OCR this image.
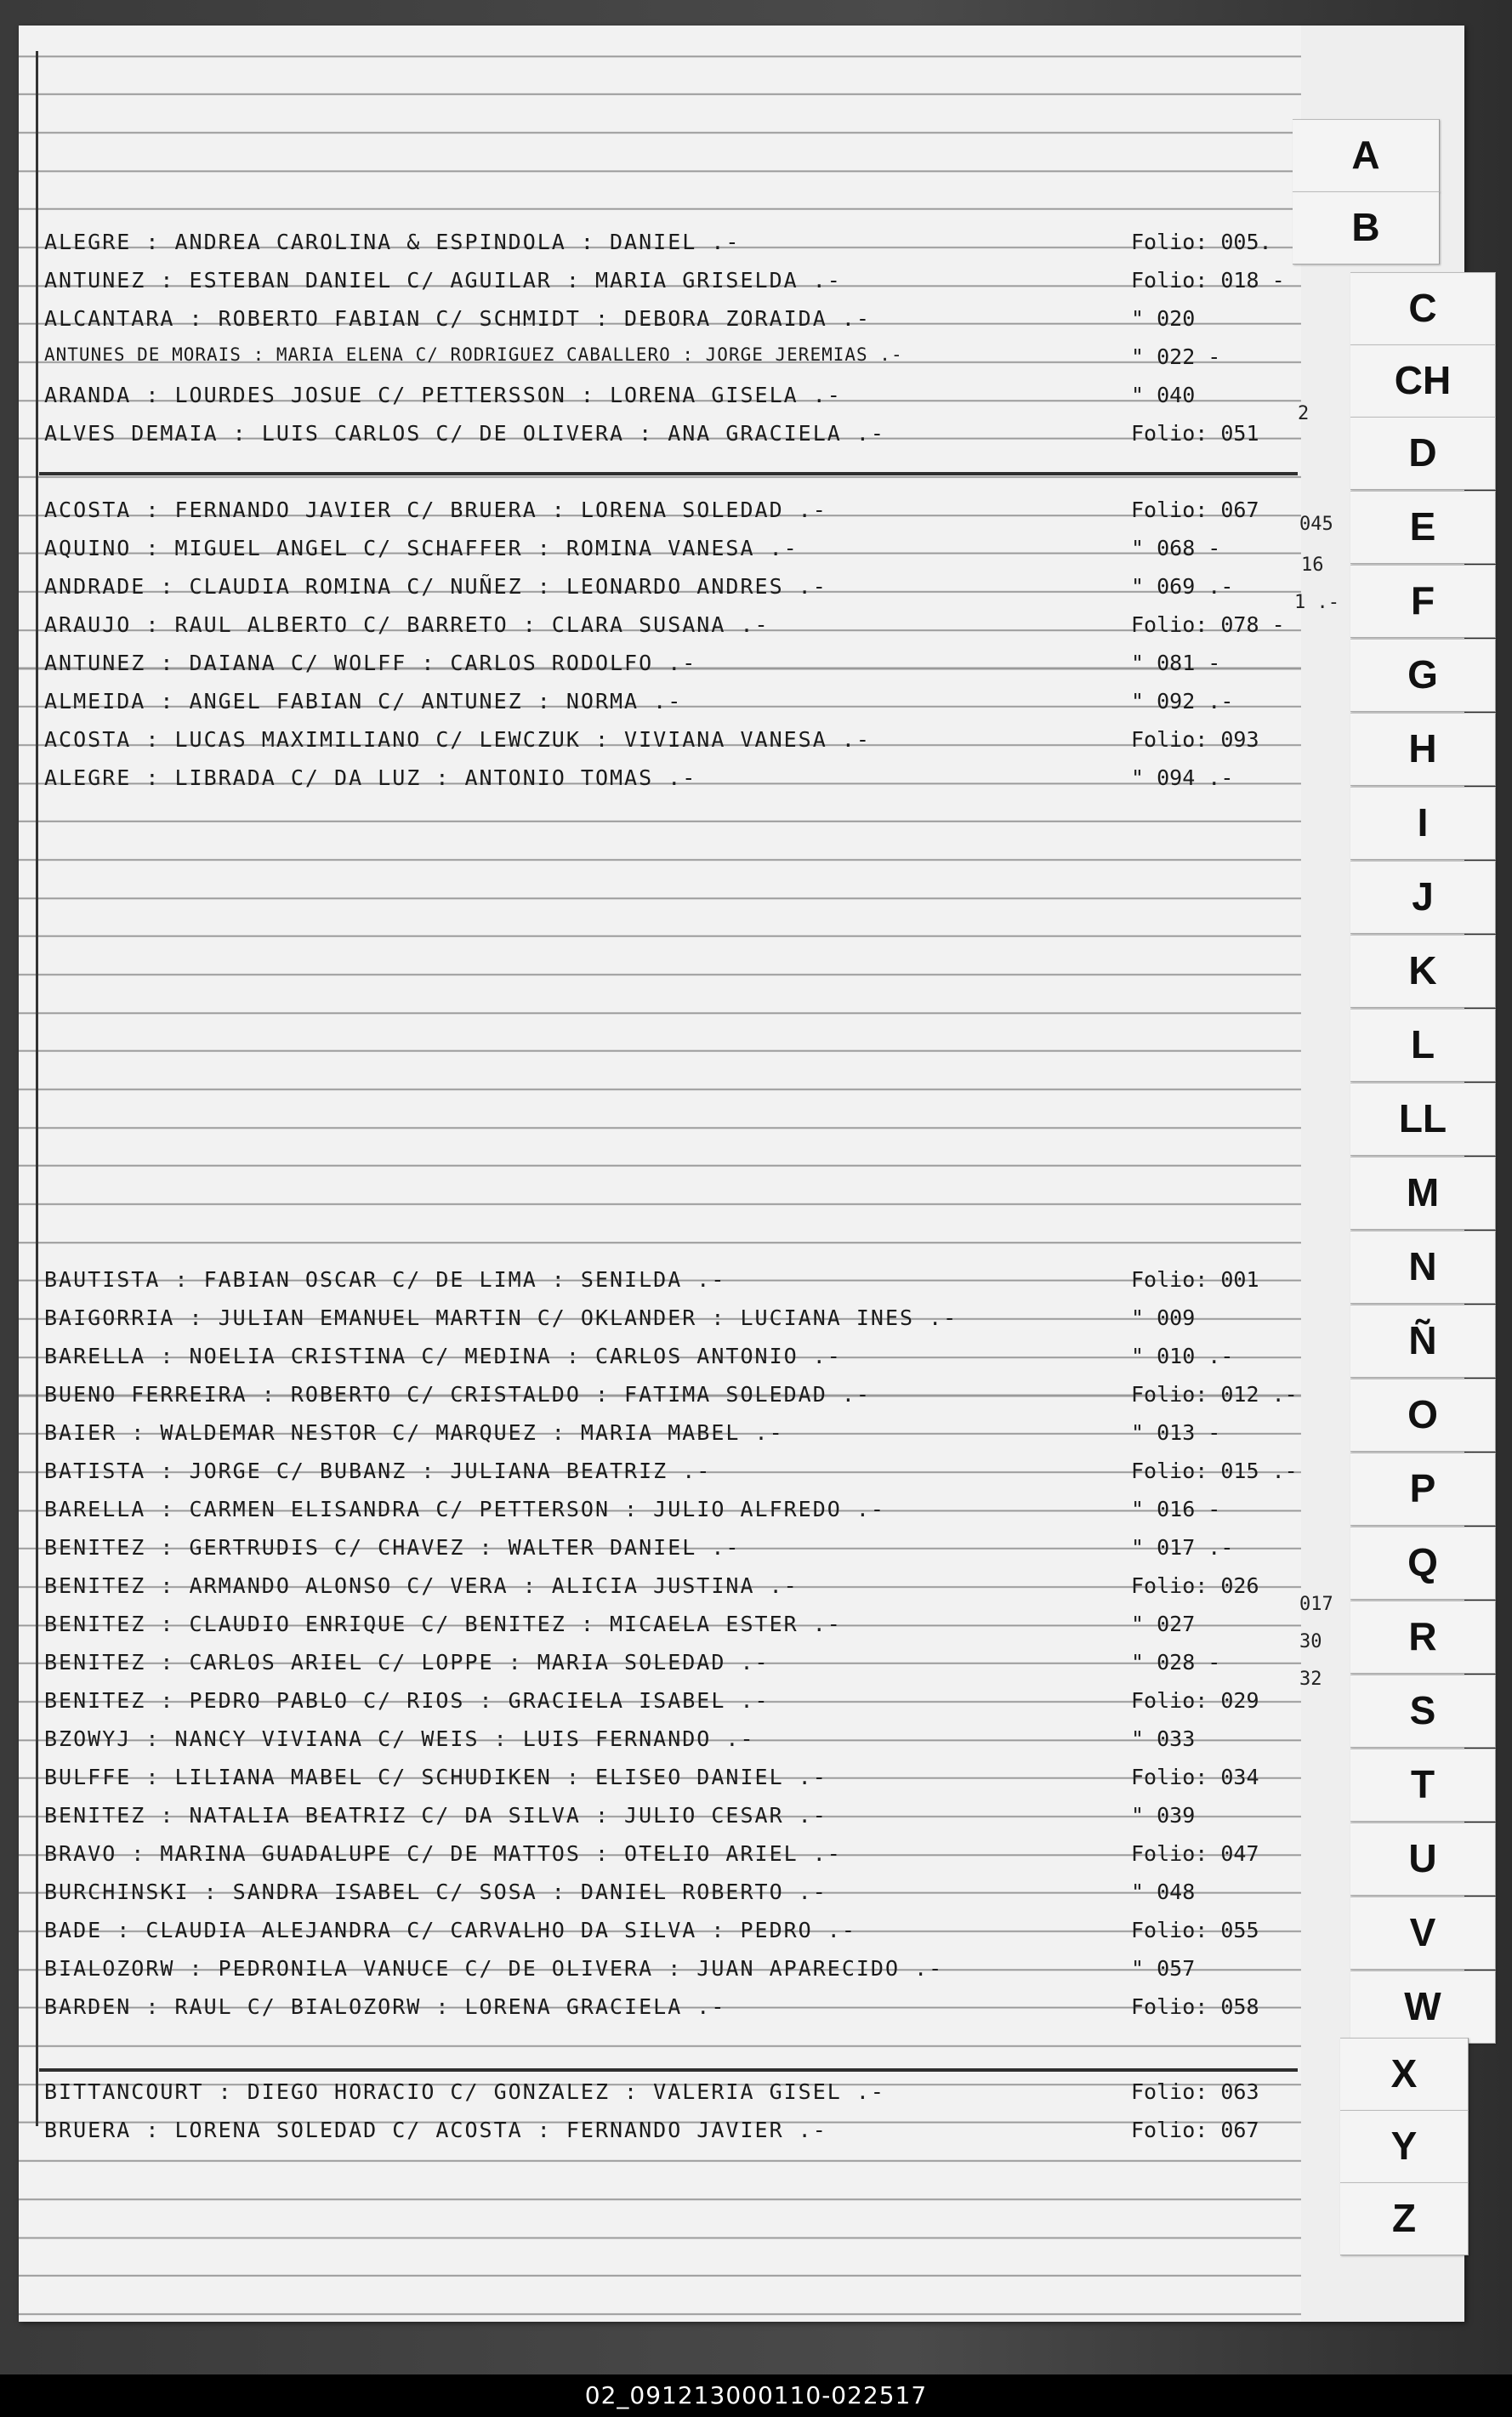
ALEGRE : ANDREA CAROLINA & ESPINDOLA : DANIEL .-	Folio: 005.
ANTUNEZ : ESTEBAN DANIEL C/ AGUILAR : MARIA GRISELDA .-	Folio: 018 -
ALCANTARA : ROBERTO FABIAN C/ SCHMIDT : DEBORA ZORAIDA .-	" 020
ANTUNES DE MORAIS : MARIA ELENA C/ RODRIGUEZ CABALLERO : JORGE JEREMIAS .-	" 022 -
ARANDA : LOURDES JOSUE C/ PETTERSSON : LORENA GISELA .-	" 040
ALVES DEMAIA : LUIS CARLOS C/ DE OLIVERA : ANA GRACIELA .-	Folio: 051
ACOSTA : FERNANDO JAVIER C/ BRUERA : LORENA SOLEDAD .-	Folio: 067
AQUINO : MIGUEL ANGEL C/ SCHAFFER : ROMINA VANESA .-	" 068 -
ANDRADE : CLAUDIA ROMINA C/ NUÑEZ : LEONARDO ANDRES .-	" 069 .-
ARAUJO : RAUL ALBERTO C/ BARRETO : CLARA SUSANA .-	Folio: 078 -
ANTUNEZ : DAIANA C/ WOLFF : CARLOS RODOLFO .-	" 081 -
ALMEIDA : ANGEL FABIAN C/ ANTUNEZ : NORMA .-	" 092 .-
ACOSTA : LUCAS MAXIMILIANO C/ LEWCZUK : VIVIANA VANESA .-	Folio: 093
ALEGRE : LIBRADA C/ DA LUZ : ANTONIO TOMAS .-	" 094 .-
BAUTISTA : FABIAN OSCAR C/ DE LIMA : SENILDA .-	Folio: 001
BAIGORRIA : JULIAN EMANUEL MARTIN C/ OKLANDER : LUCIANA INES .-	" 009
BARELLA : NOELIA CRISTINA C/ MEDINA : CARLOS ANTONIO .-	" 010 .-
BUENO FERREIRA : ROBERTO C/ CRISTALDO : FATIMA SOLEDAD .-	Folio: 012 .-
BAIER : WALDEMAR NESTOR C/ MARQUEZ : MARIA MABEL .-	" 013 -
BATISTA : JORGE C/ BUBANZ : JULIANA BEATRIZ .-	Folio: 015 .-
BARELLA : CARMEN ELISANDRA C/ PETTERSON : JULIO ALFREDO .-	" 016 -
BENITEZ : GERTRUDIS C/ CHAVEZ : WALTER DANIEL .-	" 017 .-
BENITEZ : ARMANDO ALONSO C/ VERA : ALICIA JUSTINA .-	Folio: 026
BENITEZ : CLAUDIO ENRIQUE C/ BENITEZ : MICAELA ESTER .-	" 027
BENITEZ : CARLOS ARIEL C/ LOPPE : MARIA SOLEDAD .-	" 028 -
BENITEZ : PEDRO PABLO C/ RIOS : GRACIELA ISABEL .-	Folio: 029
BZOWYJ : NANCY VIVIANA C/ WEIS : LUIS FERNANDO .-	" 033
BULFFE : LILIANA MABEL C/ SCHUDIKEN : ELISEO DANIEL .-	Folio: 034
BENITEZ : NATALIA BEATRIZ C/ DA SILVA : JULIO CESAR .-	" 039
BRAVO : MARINA GUADALUPE C/ DE MATTOS : OTELIO ARIEL .-	Folio: 047
BURCHINSKI : SANDRA ISABEL C/ SOSA : DANIEL ROBERTO .-	" 048
BADE : CLAUDIA ALEJANDRA C/ CARVALHO DA SILVA : PEDRO .-	Folio: 055
BIALOZORW : PEDRONILA VANUCE C/ DE OLIVERA : JUAN APARECIDO .-	" 057
BARDEN : RAUL C/ BIALOZORW : LORENA GRACIELA .-	Folio: 058
BITTANCOURT : DIEGO HORACIO C/ GONZALEZ : VALERIA GISEL .-	Folio: 063
BRUERA : LORENA SOLEDAD C/ ACOSTA : FERNANDO JAVIER .-	Folio: 067
045
16
1 .-
2
017
30
32
A
B
C
CH
D
E
F
G
H
I
J
K
L
LL
M
N
Ñ
O
P
Q
R
S
T
U
V
W
X
Y
Z
02_091213000110-022517
